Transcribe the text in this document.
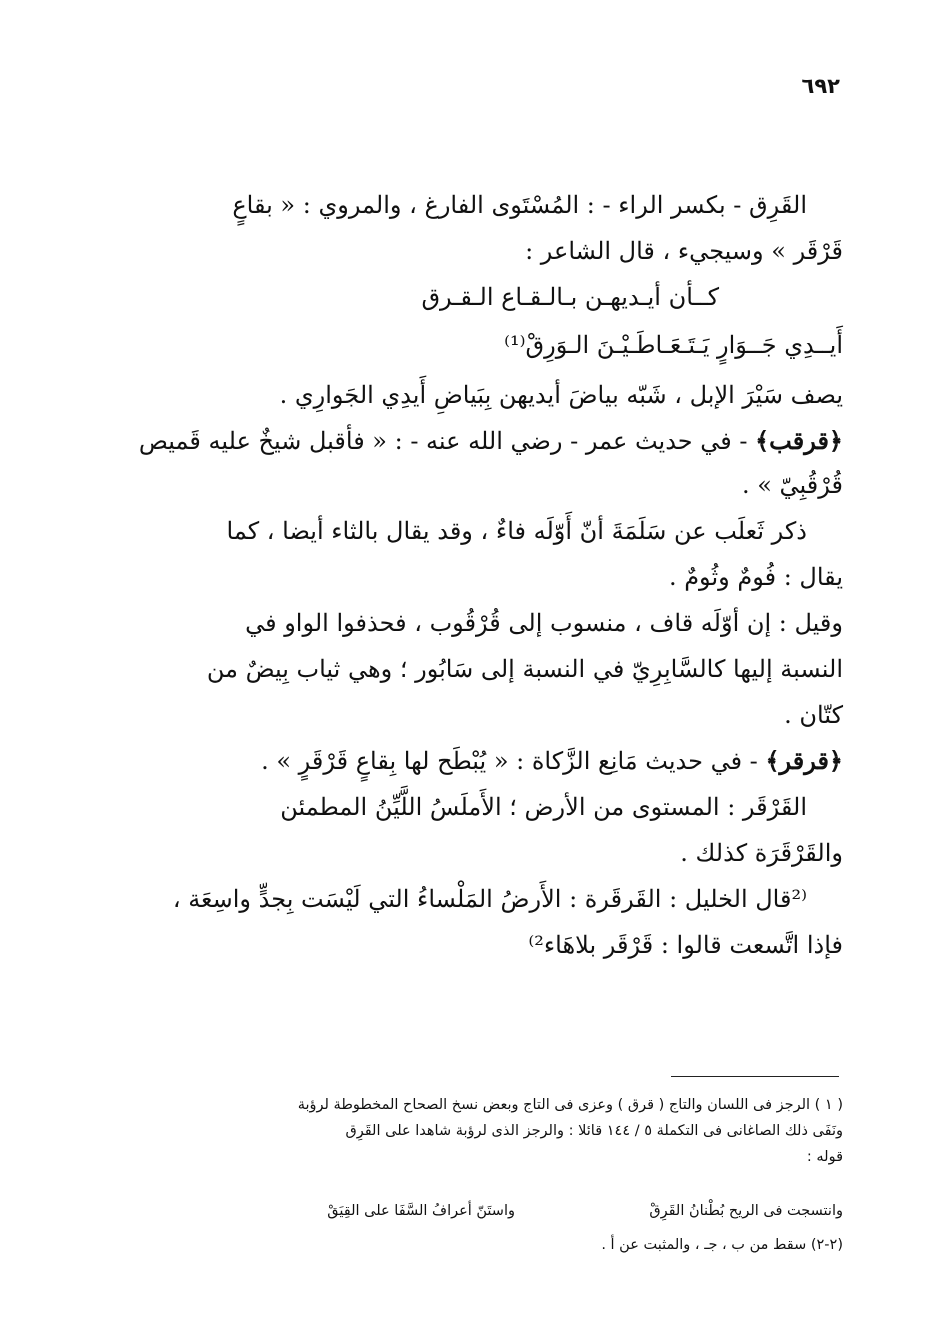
٦٩٢
القَرِق - بكسر الراء - : المُسْتَوى الفارغ ، والمروي : « بقاعٍ
قَرْقَر » وسيجيء ، قال الشاعر :
كــأن أيـديهـن بـالـقـاع الـقـرق
أَيــدِي جَــوَارٍ يَـتَـعَـاطَـيْـنَ الـوَرِقْ⁽¹⁾
يصف سَيْرَ الإبل ، شَبّه بياضَ أيديهن بِبَياضِ أَيدِي الجَوارِي .
﴿قرقب﴾ - في حديث عمر - رضي الله عنه - : « فأقبل شيخٌ عليه قَميص
قُرْقُبِيّ » .
ذكر ثَعلَب عن سَلَمَةَ أنّ أَوّلَه فاءٌ ، وقد يقال بالثاء أيضا ، كما
يقال : فُومٌ وثُومٌ .
وقيل : إن أوّلَه قاف ، منسوب إلى قُرْقُوب ، فحذفوا الواو في
النسبة إليها كالسَّابِرِيّ في النسبة إلى سَابُور ؛ وهي ثياب بِيضٌ من
كتّان .
﴿قرقر﴾ - في حديث مَانِع الزَّكاة : « يُبْطَح لها بِقاعٍ قَرْقَرٍ » .
القَرْقَر : المستوى من الأرض ؛ الأَملَسُ اللَّيِّنُ المطمئن
والقَرْقَرَة كذلك .
⁽²قال الخليل : القَرقَرة : الأَرضُ المَلْساءُ التي لَيْسَت بِجدٍّ واسِعَة ،
فإذا اتَّسعت قالوا : قَرْقَر بلاهَاء²⁾
( ١ ) الرجز فى اللسان والتاج ( قرق ) وعزى فى التاج وبعض نسخ الصحاح المخطوطة لرؤبة
ونَفَى ذلك الصاغانى فى التكملة ٥ / ١٤٤ قائلا : والرجز الذى لرؤبة شاهدا على القَرِق
قوله :
واستَنّ أعرافُ السَّفَا على القِيَقْ	وانتسجت فى الريح بُطْنانُ القَرِقْ
(٢-٢) سقط من ب ، جـ ، والمثبت عن أ .
